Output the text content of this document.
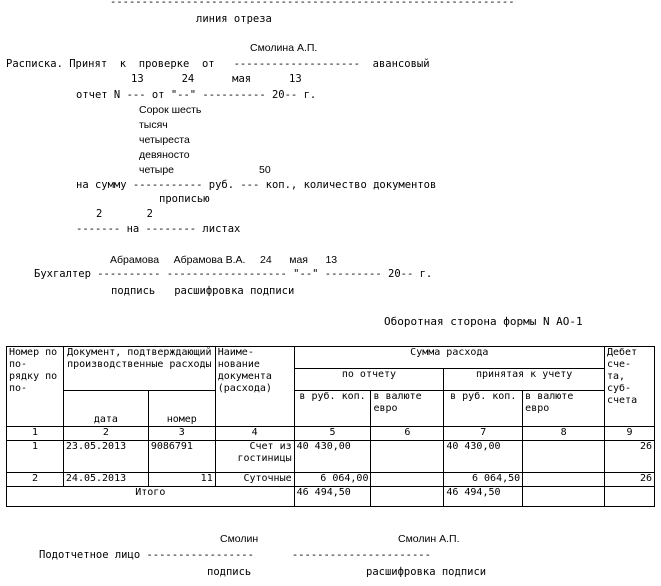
----------------------------------------------------------------
линия отреза
Смолина А.П.
Расписка. Принят  к  проверке  от   --------------------  авансовый
13      24      мая      13
отчет N --- от "--" ---------- 20-- г.
Сорок шесть
тысяч
четыреста
девяносто
четыре	50
на сумму ----------- руб. --- коп., количество документов
прописью
2       2
------- на -------- листах
Абрамова     Абрамова В.А.     24      мая      13
Бухгалтер ---------- ------------------- "--" --------- 20-- г.
подпись   расшифровка подписи
Оборотная сторона формы N АО-1
Номер по по- рядку по по-	Документ, подтверждающий производственные расходы		Наиме- нование документа (расхода)	Сумма расхода				Дебет сче- та, суб- счета
				по отчету		принятая к учету		
	дата	номер		в руб. коп.	в валюте евро	в руб. коп.	в валюте евро	
1	2	3	4	5	6	7	8	9
1	23.05.2013	9086791	Счет из гостиницы	40 430,00		40 430,00		26
2	24.05.2013	11	Суточные	6 064,00		6 064,50		26
Итого				46 494,50		46 494,50		
Смолин	Смолин А.П.
Подотчетное лицо -----------------      ----------------------
подпись	расшифровка подписи
